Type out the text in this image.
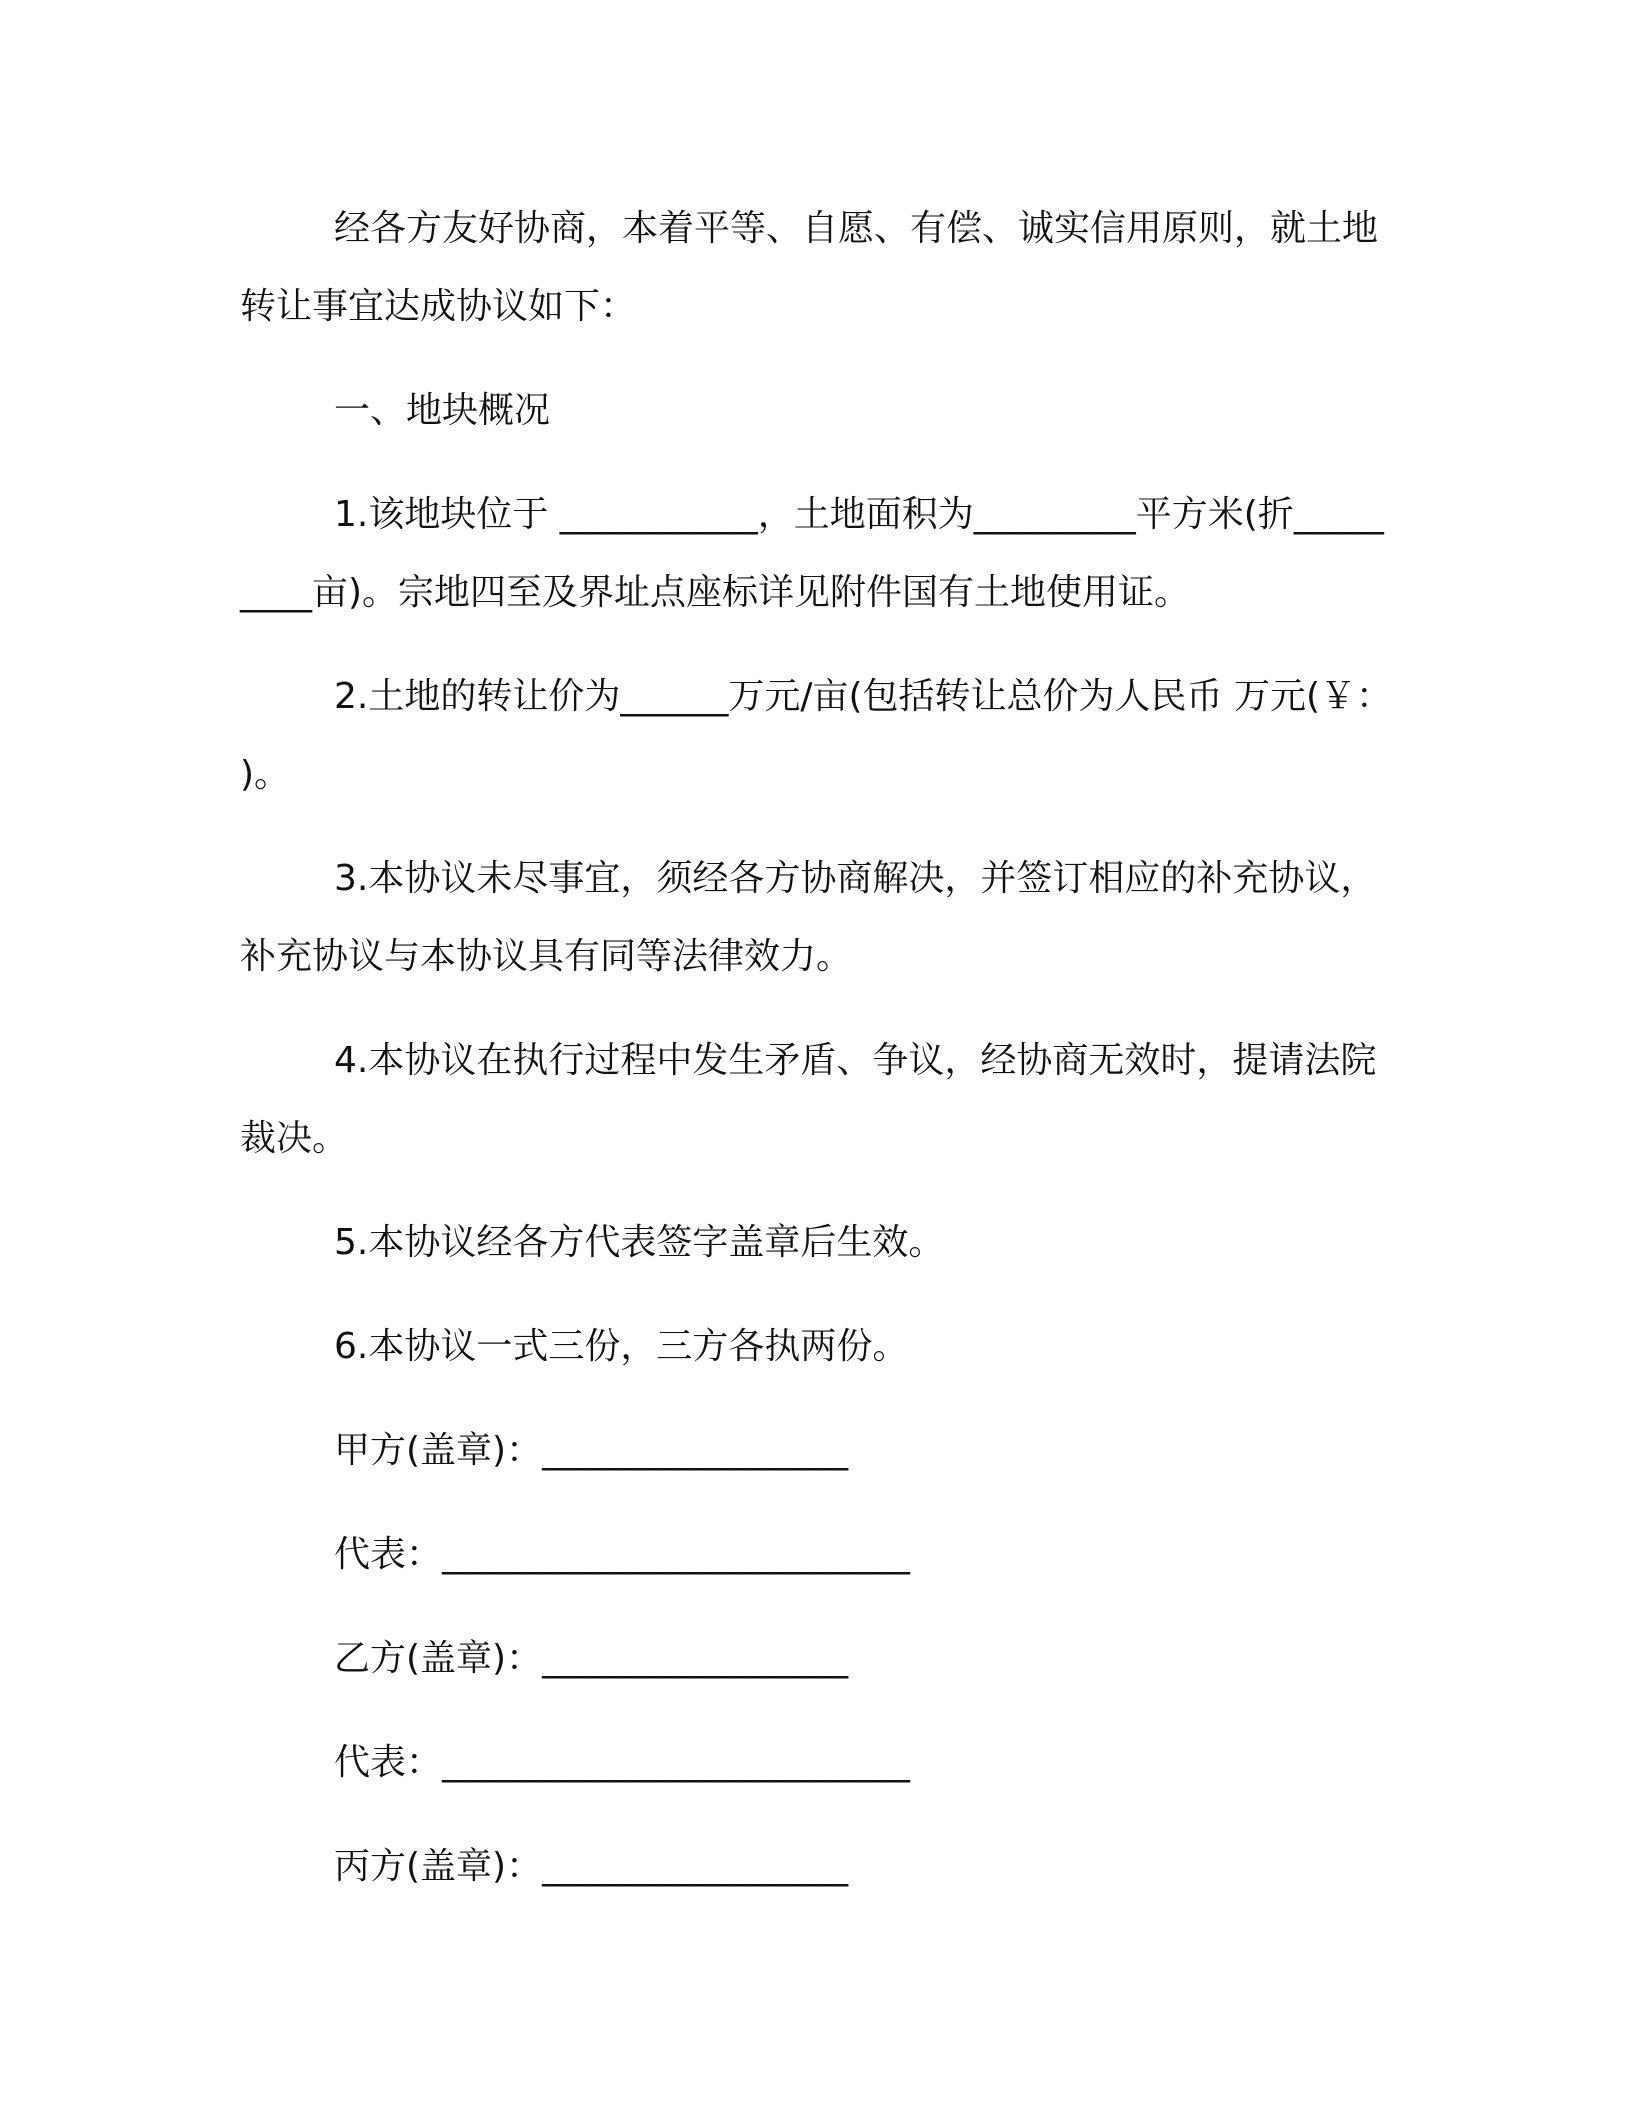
经各方友好协商，本着平等、自愿、有偿、诚实信用原则，就土地转让事宜达成协议如下：

一、地块概况

1.该地块位于 ___________，土地面积为_________平方米(折_________亩)。宗地四至及界址点座标详见附件国有土地使用证。

2.土地的转让价为______万元/亩(包括转让总价为人民币 万元(￥： )。

3.本协议未尽事宜，须经各方协商解决，并签订相应的补充协议，补充协议与本协议具有同等法律效力。

4.本协议在执行过程中发生矛盾、争议，经协商无效时，提请法院裁决。

5.本协议经各方代表签字盖章后生效。

6.本协议一式三份，三方各执两份。

甲方(盖章)：_________________

代表：__________________________

乙方(盖章)：_________________

代表：__________________________

丙方(盖章)：_________________
